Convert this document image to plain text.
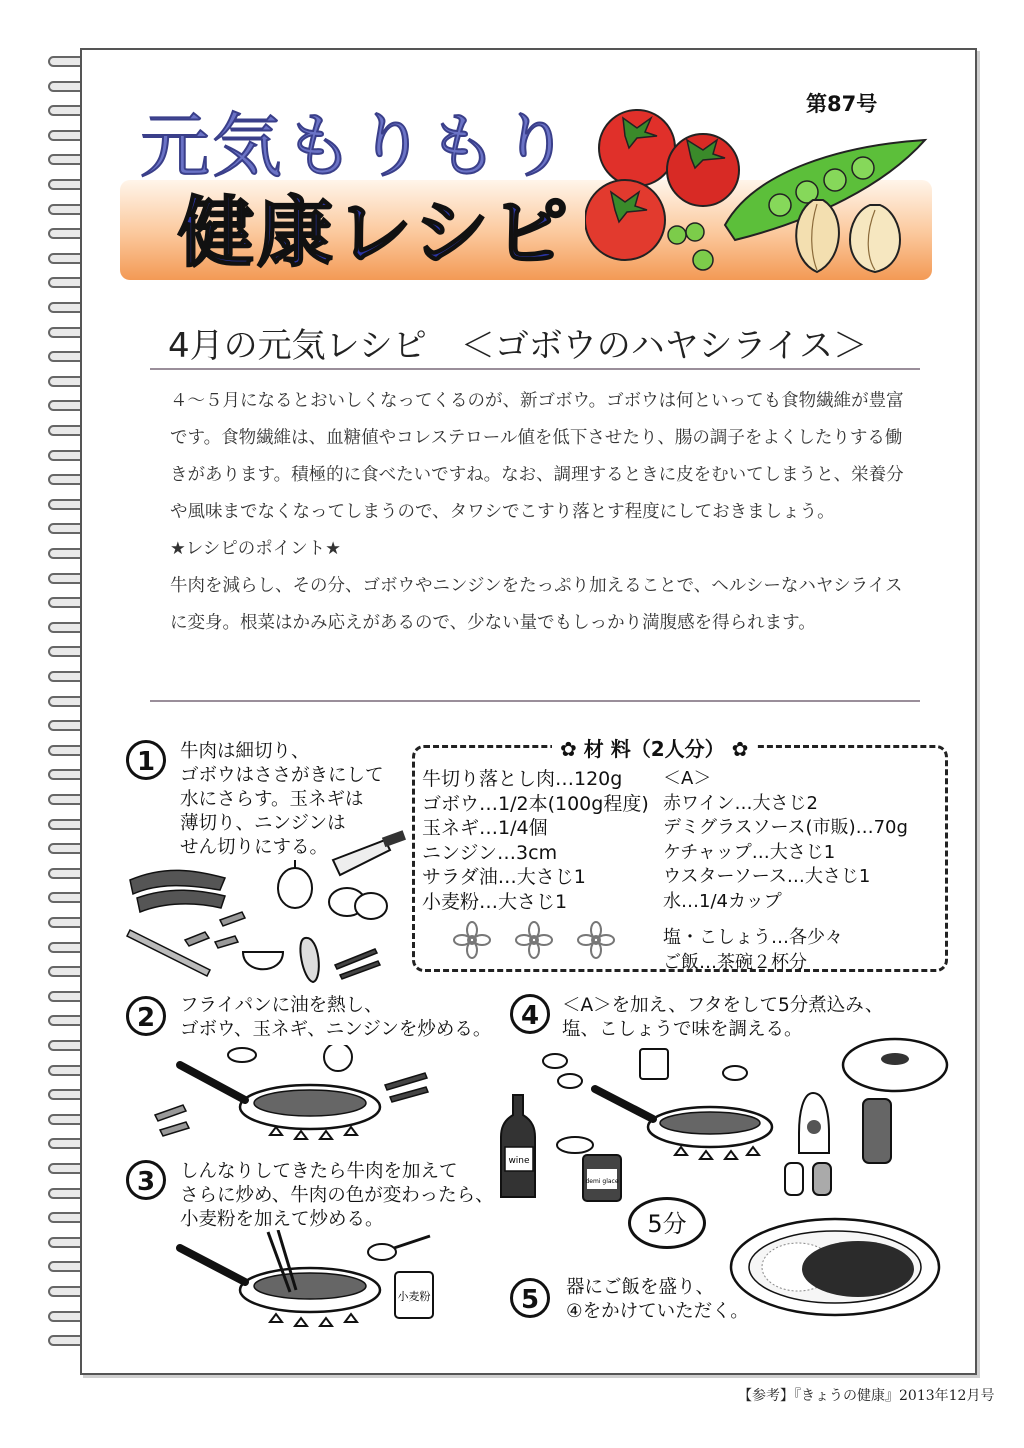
元気もりもり
健康レシピ
第87号
4月の元気レシピ　＜ゴボウのハヤシライス＞

４～５月になるとおいしくなってくるのが、新ゴボウ。ゴボウは何といっても食物繊維が豊富です。食物繊維は、血糖値やコレステロール値を低下させたり、腸の調子をよくしたりする働きがあります。積極的に食べたいですね。なお、調理するときに皮をむいてしまうと、栄養分や風味までなくなってしまうので、タワシでこすり落とす程度にしておきましょう。

★レシピのポイント★

牛肉を減らし、その分、ゴボウやニンジンをたっぷり加えることで、ヘルシーなハヤシライスに変身。根菜はかみ応えがあるので、少ない量でもしっかり満腹感を得られます。

✿ 材 料（2人分） ✿
牛切り落とし肉…120g
ゴボウ…1/2本(100g程度)
玉ネギ…1/4個
ニンジン…3cm
サラダ油…大さじ1
小麦粉…大さじ1
＜A＞
赤ワイン…大さじ2
デミグラスソース(市販)…70g
ケチャップ…大さじ1
ウスターソース…大さじ1
水…1/4カップ
塩・こしょう…各少々
ご飯…茶碗２杯分
1	牛肉は細切り、
ゴボウはささがきにして
水にさらす。玉ネギは
薄切り、ニンジンは
せん切りにする。
2	フライパンに油を熱し、
ゴボウ、玉ネギ、ニンジンを炒める。
3	しんなりしてきたら牛肉を加えて
さらに炒め、牛肉の色が変わったら、
小麦粉を加えて炒める。
小麦粉
4	＜A＞を加え、フタをして5分煮込み、
塩、こしょうで味を調える。
wine
demi glace
5分
5	器にご飯を盛り、
④をかけていただく。
【参考】『きょうの健康』2013年12月号
